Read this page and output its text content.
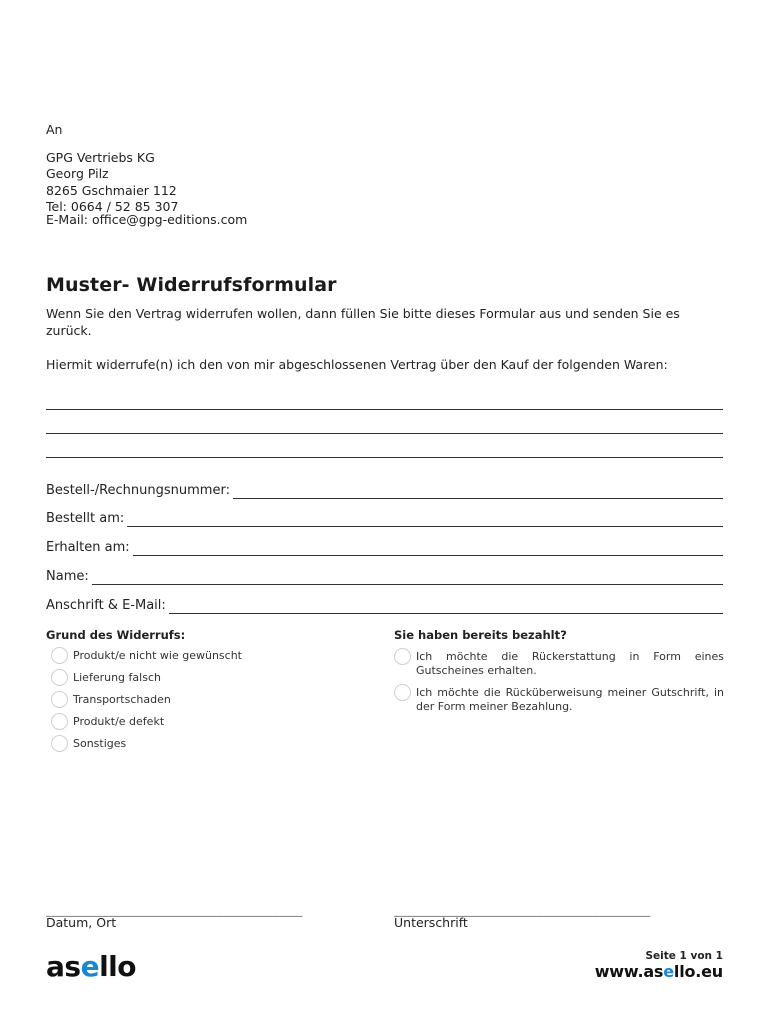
An
GPG Vertriebs KG
Georg Pilz
8265 Gschmaier 112
Tel: 0664 / 52 85 307
E-Mail: office@gpg-editions.com
Muster- Widerrufsformular

Wenn Sie den Vertrag widerrufen wollen, dann füllen Sie bitte dieses Formular aus und senden Sie es zurück.

Hiermit widerrufe(n) ich den von mir abgeschlossenen Vertrag über den Kauf der folgenden Waren:

Bestell-/Rechnungsnummer:
Bestellt am:
Erhalten am:
Name:
Anschrift & E-Mail:
Grund des Widerrufs:
Produkt/e nicht wie gewünscht
Lieferung falsch
Transportschaden
Produkt/e defekt
Sonstiges
Sie haben bereits bezahlt?
Ich möchte die Rückerstattung in Form eines Gutscheines erhalten.
Ich möchte die Rücküberweisung meiner Gutschrift, in der Form meiner Bezahlung.
_____________________________________________
Datum, Ort
_____________________________________________
Unterschrift
asello	Seite 1 von 1
www.asello.eu
